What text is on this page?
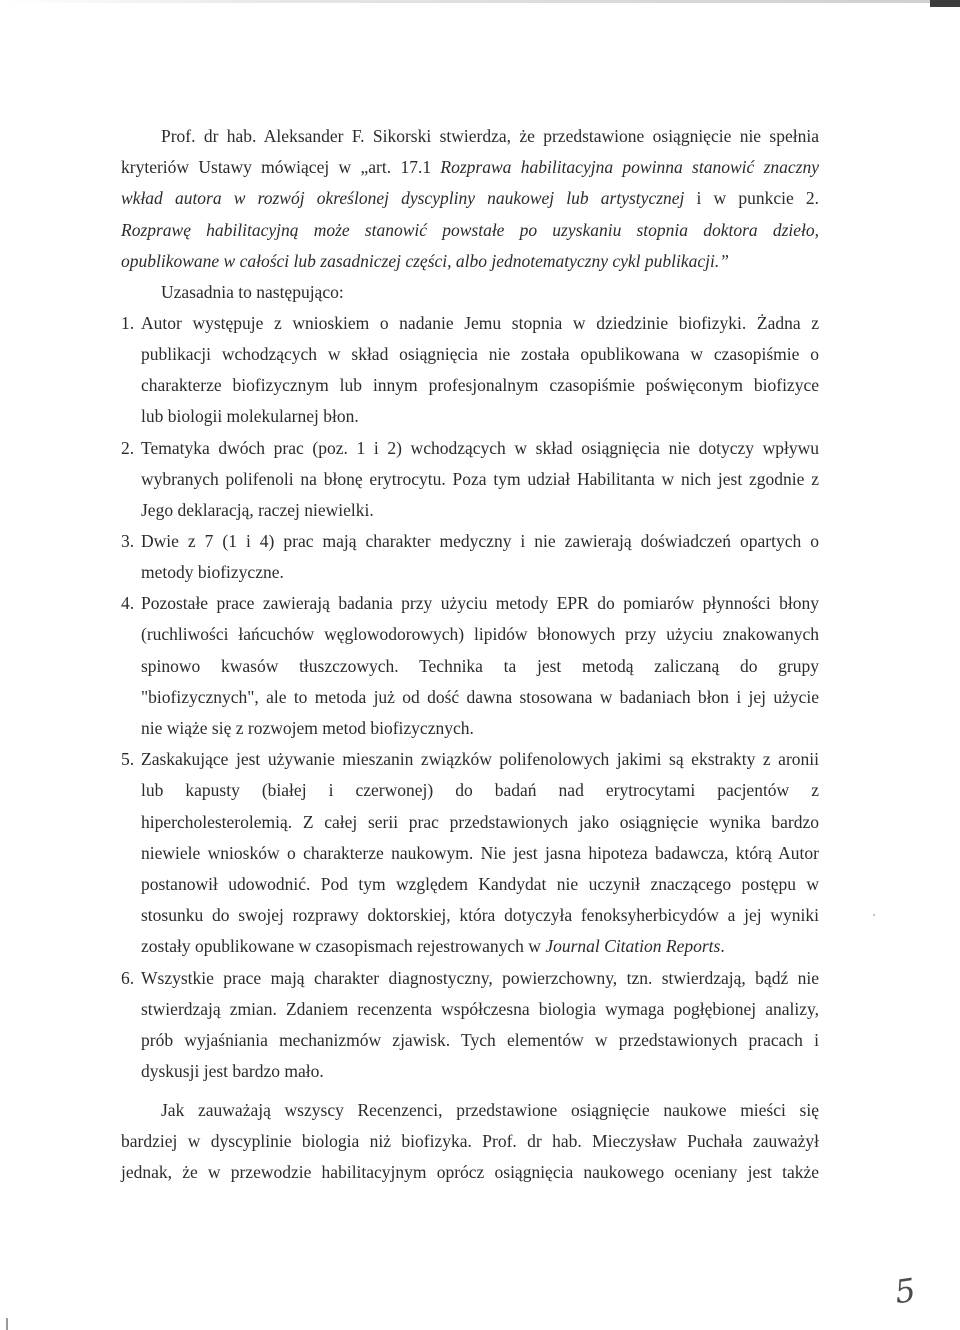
Prof. dr hab. Aleksander F. Sikorski stwierdza, że przedstawione osiągnięcie nie spełnia
kryteriów Ustawy mówiącej w „art. 17.1 Rozprawa habilitacyjna powinna stanowić znaczny
wkład autora w rozwój określonej dyscypliny naukowej lub artystycznej i w punkcie 2.
Rozprawę habilitacyjną może stanowić powstałe po uzyskaniu stopnia doktora dzieło,
opublikowane w całości lub zasadniczej części, albo jednotematyczny cykl publikacji.”
Uzasadnia to następująco:
1. Autor występuje z wnioskiem o nadanie Jemu stopnia w dziedzinie biofizyki. Żadna z
publikacji wchodzących w skład osiągnięcia nie została opublikowana w czasopiśmie o
charakterze biofizycznym lub innym profesjonalnym czasopiśmie poświęconym biofizyce
lub biologii molekularnej błon.
2. Tematyka dwóch prac (poz. 1 i 2) wchodzących w skład osiągnięcia nie dotyczy wpływu
wybranych polifenoli na błonę erytrocytu. Poza tym udział Habilitanta w nich jest zgodnie z
Jego deklaracją, raczej niewielki.
3. Dwie z 7 (1 i 4) prac mają charakter medyczny i nie zawierają doświadczeń opartych o
metody biofizyczne.
4. Pozostałe prace zawierają badania przy użyciu metody EPR do pomiarów płynności błony
(ruchliwości łańcuchów węglowodorowych) lipidów błonowych przy użyciu znakowanych
spinowo kwasów tłuszczowych. Technika ta jest metodą zaliczaną do grupy
"biofizycznych", ale to metoda już od dość dawna stosowana w badaniach błon i jej użycie
nie wiąże się z rozwojem metod biofizycznych.
5. Zaskakujące jest używanie mieszanin związków polifenolowych jakimi są ekstrakty z aronii
lub kapusty (białej i czerwonej) do badań nad erytrocytami pacjentów z
hipercholesterolemią. Z całej serii prac przedstawionych jako osiągnięcie wynika bardzo
niewiele wniosków o charakterze naukowym. Nie jest jasna hipoteza badawcza, którą Autor
postanowił udowodnić. Pod tym względem Kandydat nie uczynił znaczącego postępu w
stosunku do swojej rozprawy doktorskiej, która dotyczyła fenoksyherbicydów a jej wyniki
zostały opublikowane w czasopismach rejestrowanych w Journal Citation Reports.
6. Wszystkie prace mają charakter diagnostyczny, powierzchowny, tzn. stwierdzają, bądź nie
stwierdzają zmian. Zdaniem recenzenta współczesna biologia wymaga pogłębionej analizy,
prób wyjaśniania mechanizmów zjawisk. Tych elementów w przedstawionych pracach i
dyskusji jest bardzo mało.
Jak zauważają wszyscy Recenzenci, przedstawione osiągnięcie naukowe mieści się
bardziej w dyscyplinie biologia niż biofizyka. Prof. dr hab. Mieczysław Puchała zauważył
jednak, że w przewodzie habilitacyjnym oprócz osiągnięcia naukowego oceniany jest także
5
